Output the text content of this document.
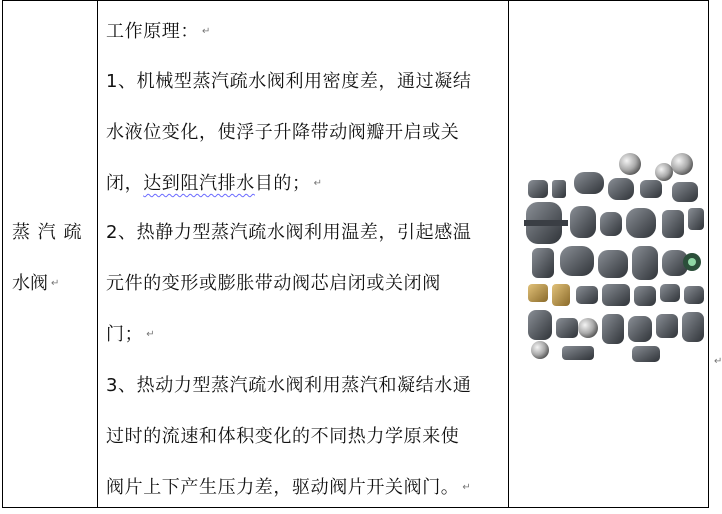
↵
蒸 汽 疏
水阀 ↵
工作原理： ↵
1、机械型蒸汽疏水阀利用密度差，通过凝结
水液位变化，使浮子升降带动阀瓣开启或关
闭，达到阻汽排水目的； ↵
2、热静力型蒸汽疏水阀利用温差，引起感温
元件的变形或膨胀带动阀芯启闭或关闭阀
门； ↵
3、热动力型蒸汽疏水阀利用蒸汽和凝结水通
过时的流速和体积变化的不同热力学原来使
阀片上下产生压力差，驱动阀片开关阀门。 ↵
